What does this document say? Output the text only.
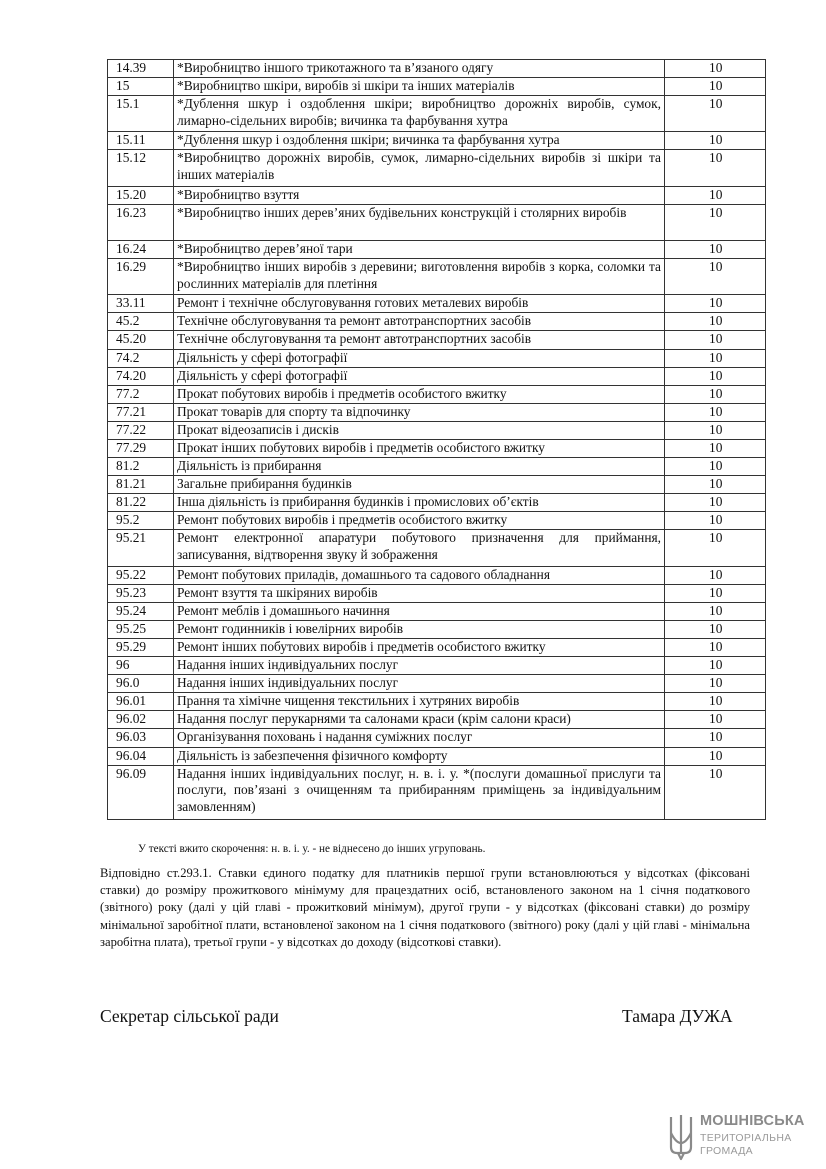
14.39	*Виробництво іншого трикотажного та в’язаного одягу	10
15	*Виробництво шкіри, виробів зі шкіри та інших матеріалів	10
15.1	*Дублення шкур і оздоблення шкіри; виробництво дорожніх виробів, сумок, лимарно-сідельних виробів; вичинка та фарбування хутра	10
15.11	*Дублення шкур і оздоблення шкіри; вичинка та фарбування хутра	10
15.12	*Виробництво дорожніх виробів, сумок, лимарно-сідельних виробів зі шкіри та інших матеріалів	10
15.20	*Виробництво взуття	10
16.23	*Виробництво інших дерев’яних будівельних конструкцій і столярних виробів	10
16.24	*Виробництво дерев’яної тари	10
16.29	*Виробництво інших виробів з деревини; виготовлення виробів з корка, соломки та рослинних матеріалів для плетіння	10
33.11	Ремонт і технічне обслуговування готових металевих виробів	10
45.2	Технічне обслуговування та ремонт автотранспортних засобів	10
45.20	Технічне обслуговування та ремонт автотранспортних засобів	10
74.2	Діяльність у сфері фотографії	10
74.20	Діяльність у сфері фотографії	10
77.2	Прокат побутових виробів і предметів особистого вжитку	10
77.21	Прокат товарів для спорту та відпочинку	10
77.22	Прокат відеозаписів і дисків	10
77.29	Прокат інших побутових виробів і предметів особистого вжитку	10
81.2	Діяльність із прибирання	10
81.21	Загальне прибирання будинків	10
81.22	Інша діяльність із прибирання будинків і промислових об’єктів	10
95.2	Ремонт побутових виробів і предметів особистого вжитку	10
95.21	Ремонт електронної апаратури побутового призначення для приймання, записування, відтворення звуку й зображення	10
95.22	Ремонт побутових приладів, домашнього та садового обладнання	10
95.23	Ремонт взуття та шкіряних виробів	10
95.24	Ремонт меблів і домашнього начиння	10
95.25	Ремонт годинників і ювелірних виробів	10
95.29	Ремонт інших побутових виробів і предметів особистого вжитку	10
96	Надання інших індивідуальних послуг	10
96.0	Надання інших індивідуальних послуг	10
96.01	Прання та хімічне чищення текстильних і хутряних виробів	10
96.02	Надання послуг перукарнями та салонами краси (крім салони краси)	10
96.03	Організування поховань і надання суміжних послуг	10
96.04	Діяльність із забезпечення фізичного комфорту	10
96.09	Надання інших індивідуальних послуг, н. в. і. у. *(послуги домашньої прислуги та послуги, пов’язані з очищенням та прибиранням приміщень за індивідуальним замовленням)	10
У тексті вжито скорочення: н. в. і. у. - не віднесено до інших угруповань.

Відповідно ст.293.1. Ставки єдиного податку для платників першої групи встановлюються у відсотках (фіксовані ставки) до розміру прожиткового мінімуму для працездатних осіб, встановленого законом на 1 січня податкового (звітного) року (далі у цій главі - прожитковий мінімум), другої групи - у відсотках (фіксовані ставки) до розміру мінімальної заробітної плати, встановленої законом на 1 січня податкового (звітного) року (далі у цій главі - мінімальна заробітна плата), третьої групи - у відсотках до доходу (відсоткові ставки).

Секретар сільської ради	Тамара ДУЖА
МОШНІВСЬКА
ТЕРИТОРІАЛЬНА
ГРОМАДА
